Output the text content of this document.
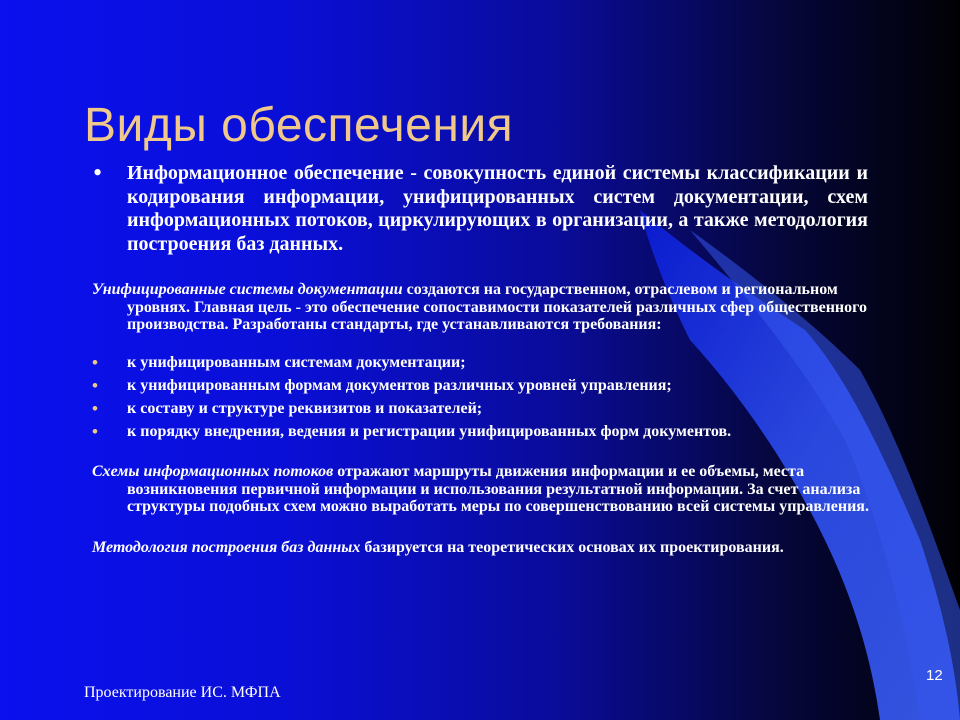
Виды обеспечения
• Информационное обеспечение - совокупность единой системы классификации и кодирования информации, унифицированных систем документации, схем информационных потоков, циркулирующих в организации, а также методология построения баз данных.

Унифицированные системы документации создаются на государственном, отраслевом и региональном уровнях. Главная цель - это обеспечение сопоставимости показателей различных сфер общественного производства. Разработаны стандарты, где устанавливаются требования:

• к унифицированным системам документации;

• к унифицированным формам документов различных уровней управления;

• к составу и структуре реквизитов и показателей;

• к порядку внедрения, ведения и регистрации унифицированных форм документов.

Схемы информационных потоков отражают маршруты движения информации и ее объемы, места возникновения первичной информации и использования результатной информации. За счет анализа структуры подобных схем можно выработать меры по совершенствованию всей системы управления.

Методология построения баз данных базируется на теоретических основах их проектирования.

Проектирование ИС. МФПА
12
